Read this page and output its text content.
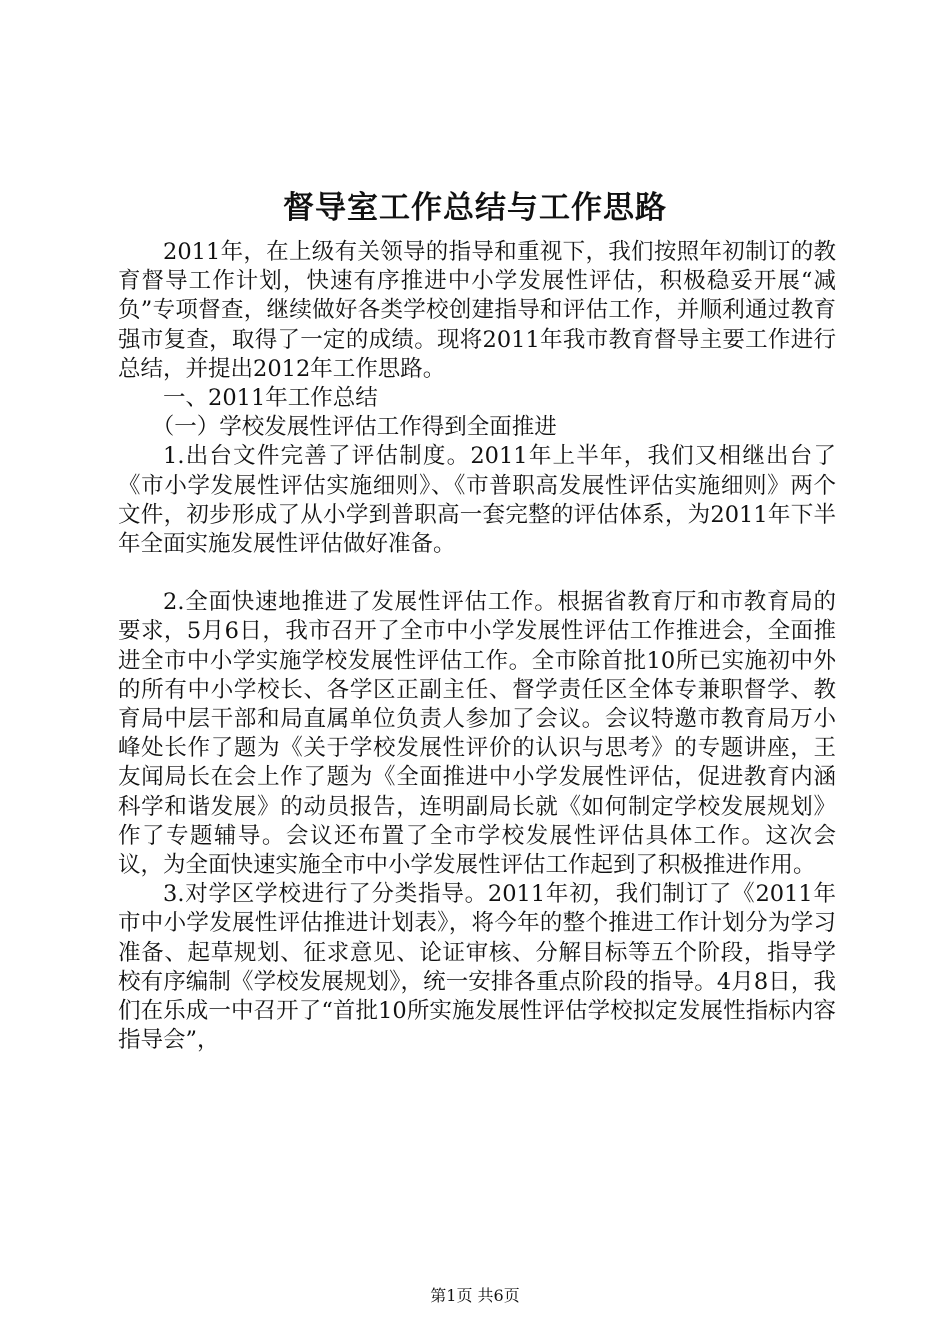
督导室工作总结与工作思路

2011年，在上级有关领导的指导和重视下，我们按照年初制订的教育督导工作计划，快速有序推进中小学发展性评估，积极稳妥开展“减负”专项督查，继续做好各类学校创建指导和评估工作，并顺利通过教育强市复查，取得了一定的成绩。现将2011年我市教育督导主要工作进行总结，并提出2012年工作思路。

一、2011年工作总结

（一）学校发展性评估工作得到全面推进

1.出台文件完善了评估制度。2011年上半年，我们又相继出台了《市小学发展性评估实施细则》、《市普职高发展性评估实施细则》两个文件，初步形成了从小学到普职高一套完整的评估体系，为2011年下半年全面实施发展性评估做好准备。

2.全面快速地推进了发展性评估工作。根据省教育厅和市教育局的要求，5月6日，我市召开了全市中小学发展性评估工作推进会，全面推进全市中小学实施学校发展性评估工作。全市除首批10所已实施初中外的所有中小学校长、各学区正副主任、督学责任区全体专兼职督学、教育局中层干部和局直属单位负责人参加了会议。会议特邀市教育局万小峰处长作了题为《关于学校发展性评价的认识与思考》的专题讲座，王友闻局长在会上作了题为《全面推进中小学发展性评估，促进教育内涵科学和谐发展》的动员报告，连明副局长就《如何制定学校发展规划》作了专题辅导。会议还布置了全市学校发展性评估具体工作。这次会议，为全面快速实施全市中小学发展性评估工作起到了积极推进作用。

3.对学区学校进行了分类指导。2011年初，我们制订了《2011年市中小学发展性评估推进计划表》，将今年的整个推进工作计划分为学习准备、起草规划、征求意见、论证审核、分解目标等五个阶段，指导学校有序编制《学校发展规划》，统一安排各重点阶段的指导。4月8日，我们在乐成一中召开了“首批10所实施发展性评估学校拟定发展性指标内容指导会”，

第1页 共6页
